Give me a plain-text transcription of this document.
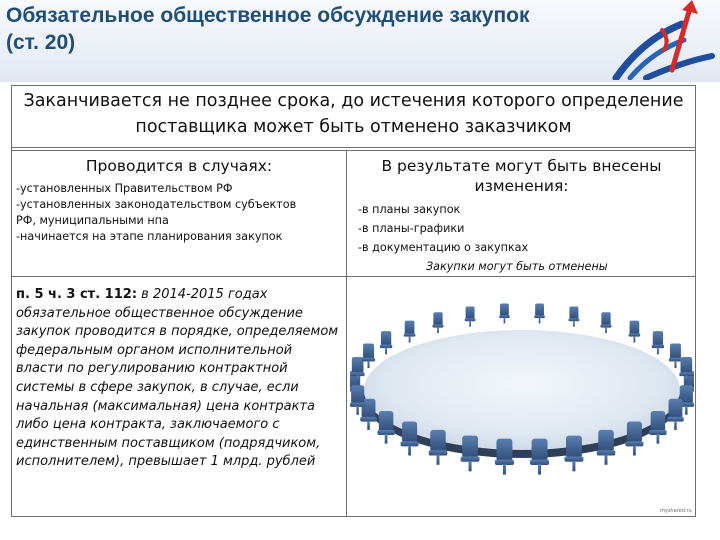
Обязательное общественное обсуждение закупок
(ст. 20)
Заканчивается не позднее срока, до истечения которого определение
поставщика может быть отменено заказчиком
Проводится в случаях:
-установленных Правительством РФ
-установленных законодательством субъектов
РФ, муниципальными нпа
-начинается на этапе планирования закупок
В результате могут быть внесены
изменения:
-в планы закупок
-в планы-графики
-в документацию о закупках
Закупки могут быть отменены
п. 5 ч. 3 ст. 112: в 2014-2015 годах обязательное общественное обсуждение закупок проводится в порядке, определяемом федеральным органом исполнительной власти по регулированию контрактной системы в сфере закупок, в случае, если начальная (максимальная) цена контракта либо цена контракта, заключаемого с единственным поставщиком (подрядчиком, исполнителем), превышает 1 млрд. рублей
myshared.ru
